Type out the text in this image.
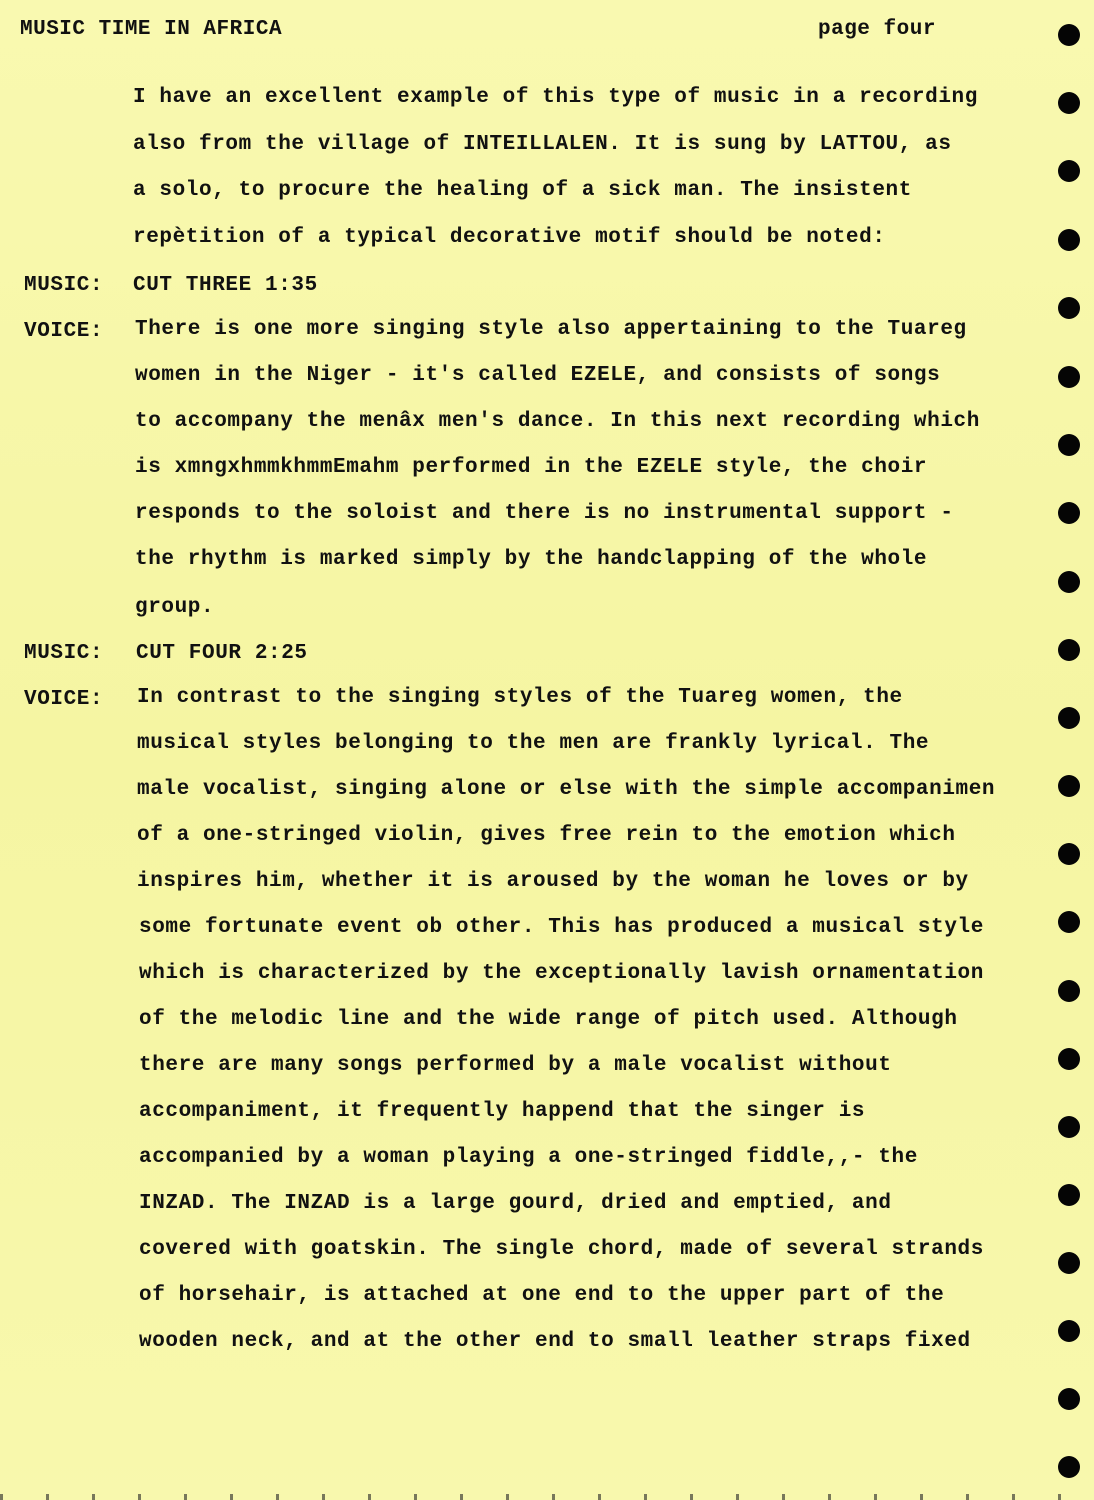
MUSIC TIME IN AFRICA	page four
I have an excellent example of this type of music in a recording
also from the village of INTEILLALEN. It is sung by LATTOU, as
a solo, to procure the healing of a sick man. The insistent
repètition of a typical decorative motif should be noted:
MUSIC: CUT THREE 1:35
VOICE: There is one more singing style also appertaining to the Tuareg
women in the Niger - it's called EZELE, and consists of songs
to accompany the menâx men's dance. In this next recording which
is xmngxhmmkhmmEmahm performed in the EZELE style, the choir
responds to the soloist and there is no instrumental support -
the rhythm is marked simply by the handclapping of the whole
group.
MUSIC: CUT FOUR 2:25
VOICE: In contrast to the singing styles of the Tuareg women, the
musical styles belonging to the men are frankly lyrical. The
male vocalist, singing alone or else with the simple accompanimen
of a one-stringed violin, gives free rein to the emotion which
inspires him, whether it is aroused by the woman he loves or by
some fortunate event ob other. This has produced a musical style
which is characterized by the exceptionally lavish ornamentation
of the melodic line and the wide range of pitch used. Although
there are many songs performed by a male vocalist without
accompaniment, it frequently happend that the singer is
accompanied by a woman playing a one-stringed fiddle,,- the
INZAD. The INZAD is a large gourd, dried and emptied, and
covered with goatskin. The single chord, made of several strands
of horsehair, is attached at one end to the upper part of the
wooden neck, and at the other end to small leather straps fixed
